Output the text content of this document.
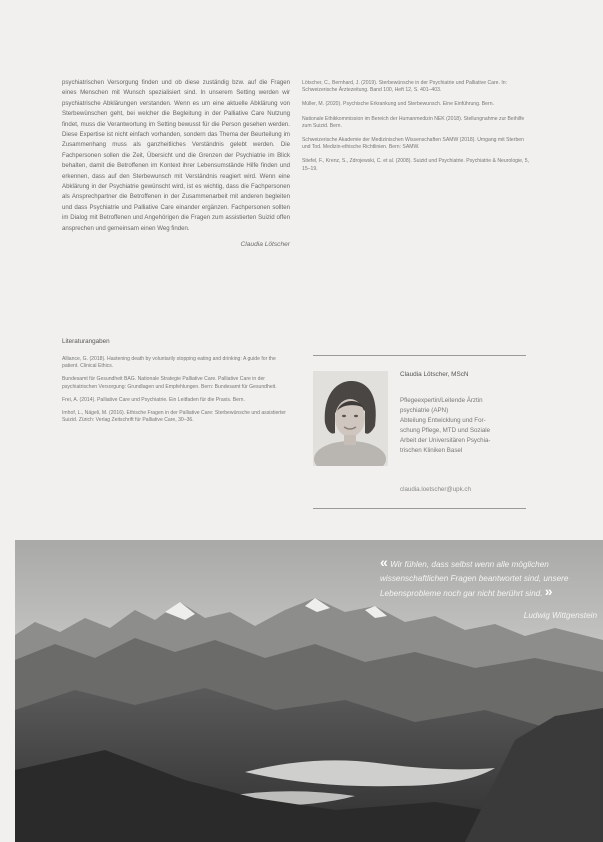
psychiatrischen Versorgung finden und ob diese zuständig bzw. auf die Fragen eines Menschen mit Wunsch spezialisiert sind. In unserem Setting werden wir psychiatrische Abklärungen verstanden. Wenn es um eine aktuelle Abklärung von Sterbewünschen geht, bei welcher die Begleitung in der Palliative Care Nutzung findet, muss die Verantwortung im Setting bewusst für die Person gesehen werden. Diese Expertise ist nicht einfach vorhanden, sondern das Thema der Beurteilung im Zusammenhang muss als ganzheitliches Verständnis gelebt werden. Die Fachpersonen sollen die Zeit, Übersicht und die Grenzen der Psychiatrie im Blick behalten, damit die Betroffenen im Kontext ihrer Lebensumstände Hilfe finden und erkennen, dass auf den Sterbewunsch mit Verständnis reagiert wird. Wenn eine Abklärung in der Psychiatrie gewünscht wird, ist es wichtig, dass die Fachpersonen als Ansprechpartner die Betroffenen in der Zusammenarbeit mit anderen begleiten und dass Psychiatrie und Palliative Care einander ergänzen. Fachpersonen sollten im Dialog mit Betroffenen und Angehörigen die Fragen zum assistierten Suizid offen ansprechen und gemeinsam einen Weg finden.

Claudia Lötscher
Literaturangaben
Alliance, G. (2018). Hastening death by voluntarily stopping eating and drinking: A guide for the patient. Clinical Ethics.
Bundesamt für Gesundheit BAG. Nationale Strategie Palliative Care. Palliative Care in der psychiatrischen Versorgung: Grundlagen und Empfehlungen. Bern: Bundesamt für Gesundheit.
Frei, A. (2014). Palliative Care und Psychiatrie. Ein Leitfaden für die Praxis. Bern.
Imhof, L., Nägeli, M. (2016). Ethische Fragen in der Palliative Care: Sterbewünsche und assistierter Suizid. Zürich: Verlag Zeitschrift für Palliative Care, 30–36.
Lötscher, C., Bernhard, J. (2019). Sterbewünsche in der Psychiatrie und Palliative Care. In: Schweizerische Ärztezeitung. Band 100, Heft 12, S. 401–403.
Müller, M. (2020). Psychische Erkrankung und Sterbewunsch. Eine Einführung. Bern.
Nationale Ethikkommission im Bereich der Humanmedizin NEK (2018). Stellungnahme zur Beihilfe zum Suizid. Bern.
Schweizerische Akademie der Medizinischen Wissenschaften SAMW (2018). Umgang mit Sterben und Tod. Medizin-ethische Richtlinien. Bern: SAMW.
Stiefel, F., Krenz, S., Zdrojewski, C. et al. (2008). Suizid und Psychiatrie. Psychiatrie & Neurologie, 5, 15–19.
Claudia Lötscher, MScN
Pflegeexpertin/Leitende Ärztin
psychiatrie (APN)
Abteilung Entwicklung und For-
schung Pflege, MTD und Soziale
Arbeit der Universitären Psychia-
trischen Kliniken Basel
claudia.loetscher@upk.ch
« Wir fühlen, dass selbst wenn alle möglichen wissenschaftlichen Fragen beantwortet sind, unsere Lebensprobleme noch gar nicht berührt sind. »
Ludwig Wittgenstein
